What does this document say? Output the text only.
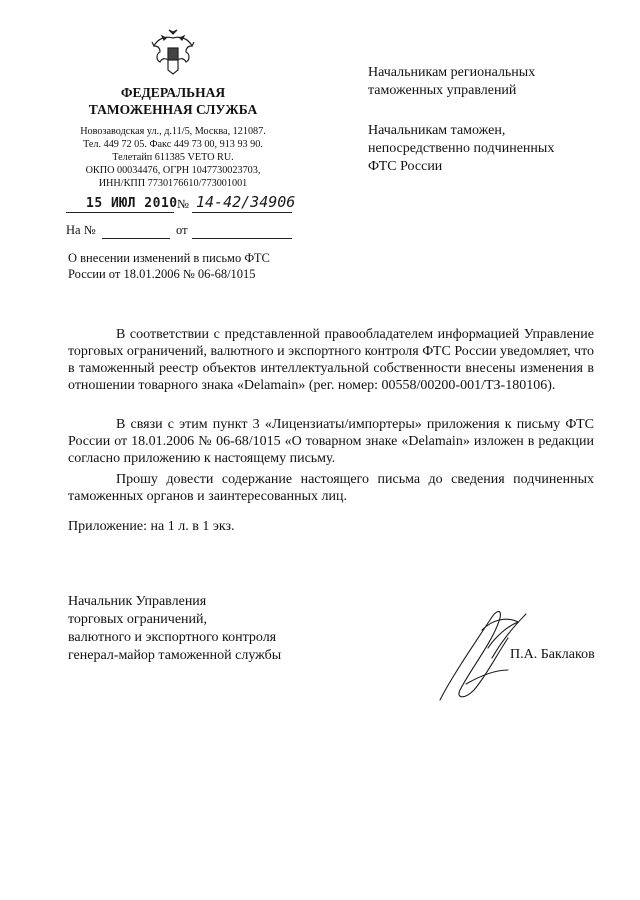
ФЕДЕРАЛЬНАЯ
ТАМОЖЕННАЯ СЛУЖБА
Новозаводская ул., д.11/5, Москва, 121087.
Тел. 449 72 05. Факс 449 73 00, 913 93 90.
Телетайп 611385 VETO RU.
ОКПО 00034476, ОГРН 1047730023703,
ИНН/КПП 7730176610/773001001
15 ИЮЛ 2010 № 14-42/34906
На №	от
Начальникам региональных
таможенных управлений
Начальникам таможен,
непосредственно подчиненных
ФТС России
О внесении изменений в письмо ФТС
России от 18.01.2006 № 06-68/1015
В соответствии с представленной правообладателем информацией Управление торговых ограничений, валютного и экспортного контроля ФТС России уведомляет, что в таможенный реестр объектов интеллектуальной собственности внесены изменения в отношении товарного знака «Delamain» (рег. номер: 00558/00200-001/ТЗ-180106).
В связи с этим пункт 3 «Лицензиаты/импортеры» приложения к письму ФТС России от 18.01.2006 № 06-68/1015 «О товарном знаке «Delamain» изложен в редакции согласно приложению к настоящему письму.
Прошу довести содержание настоящего письма до сведения подчиненных таможенных органов и заинтересованных лиц.
Приложение: на 1 л. в 1 экз.
Начальник Управления
торговых ограничений,
валютного и экспортного контроля
генерал-майор таможенной службы	П.А. Баклаков
